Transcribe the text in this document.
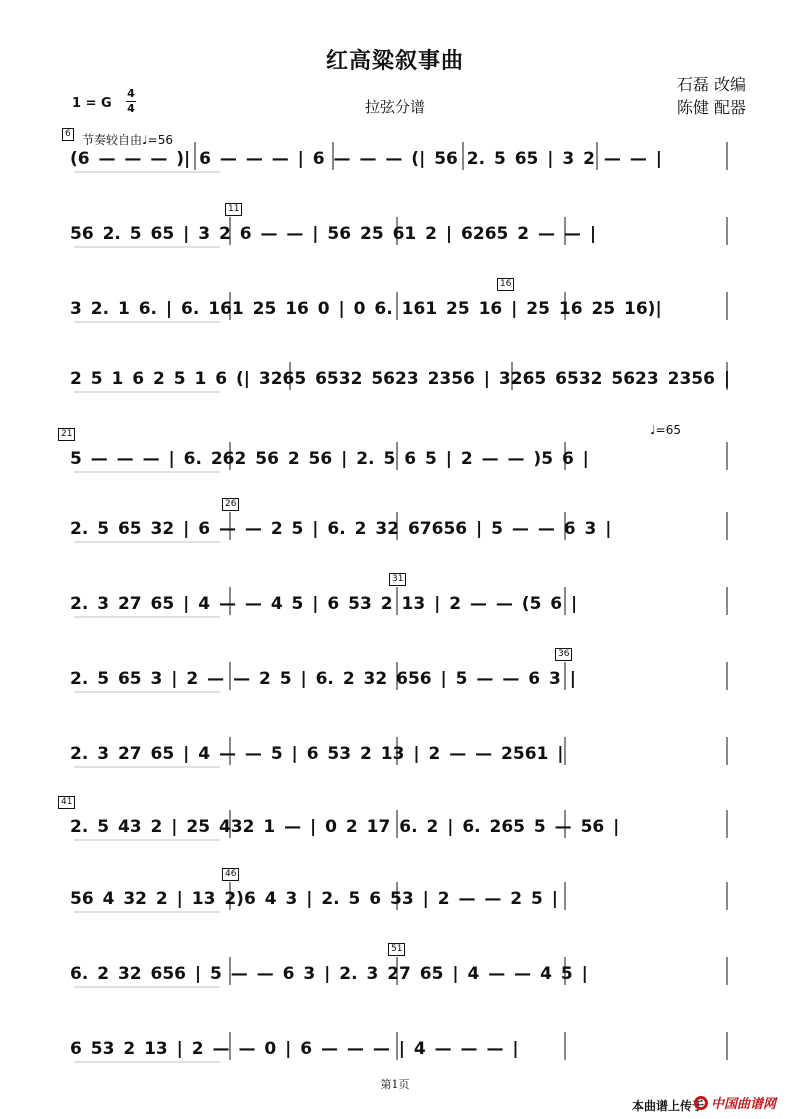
红高粱叙事曲
石磊 改编
陈健 配器
1 = G
4
4	拉弦分谱
节奏较自由♩=56
♩=65
(6 — — — )| 6 — — — | 6 — — — (| 56 2. 5 65 | 3 2 — — |
56 2. 5 65 | 3 2 6 — — | 56 25 61 2 | 6265 2 — — |
3 2. 1 6. | 6. 161 25 16 0 | 0 6. 161 25 16 | 25 16 25 16)|
2 5 1 6 2 5 1 6 (| 3265 6532 5623 2356 | 3265 6532 5623 2356 |
5 — — — | 6. 262 56 2 56 | 2. 5 6 5 | 2 — — )5 6 |
2. 5 65 32 | 6 — — 2 5 | 6. 2 32 67656 | 5 — — 6 3 |
2. 3 27 65 | 4 — — 4 5 | 6 53 2 13 | 2 — — (5 6 |
2. 5 65 3 | 2 — — 2 5 | 6. 2 32 656 | 5 — — 6 3 |
2. 3 27 65 | 4 — — 5 | 6 53 2 13 | 2 — — 2561 |
2. 5 43 2 | 25 432 1 — | 0 2 17 6. 2 | 6. 265 5 — 56 |
56 4 32 2 | 13 2)6 4 3 | 2. 5 6 53 | 2 — — 2 5 |
6. 2 32 656 | 5 — — 6 3 | 2. 3 27 65 | 4 — — 4 5 |
6 53 2 13 | 2 — — 0 | 6 — — — | 4 — — — |
6
11
16
21
26
31
36
41
46
51
第1页
本曲谱上传于 中国曲谱网
